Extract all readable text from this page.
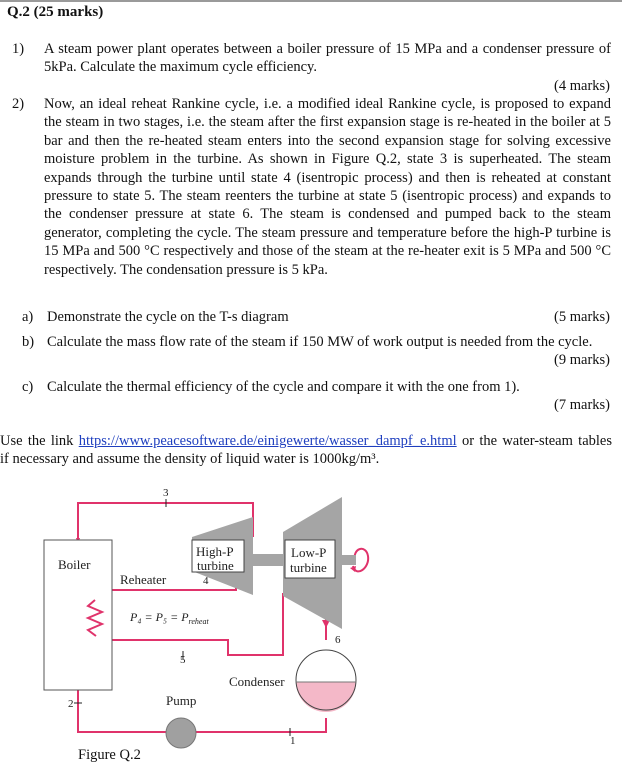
Q.2 (25 marks)
1) A steam power plant operates between a boiler pressure of 15 MPa and a condenser pressure of 5kPa. Calculate the maximum cycle efficiency.
(4 marks)
2) Now, an ideal reheat Rankine cycle, i.e. a modified ideal Rankine cycle, is proposed to expand the steam in two stages, i.e. the steam after the first expansion stage is re-heated in the boiler at 5 bar and then the re-heated steam enters into the second expansion stage for solving excessive moisture problem in the turbine. As shown in Figure Q.2, state 3 is superheated. The steam expands through the turbine until state 4 (isentropic process) and then is reheated at constant pressure to state 5. The steam reenters the turbine at state 5 (isentropic process) and expands to the condenser pressure at state 6. The steam is condensed and pumped back to the steam generator, completing the cycle. The steam pressure and temperature before the high-P turbine is 15 MPa and 500 °C respectively and those of the steam at the re-heater exit is 5 MPa and 500 °C respectively. The condensation pressure is 5 kPa.
a) Demonstrate the cycle on the T-s diagram	(5 marks)
b) Calculate the mass flow rate of the steam if 150 MW of work output is needed from the cycle.
(9 marks)
c) Calculate the thermal efficiency of the cycle and compare it with the one from 1).
(7 marks)
Use the link https://www.peacesoftware.de/einigewerte/wasser_dampf_e.html or the water-steam tables if necessary and assume the density of liquid water is 1000kg/m³.
Boiler
High-P
turbine
Low-P
turbine
Condenser
Pump
Reheater
$P_4 = P_5 = P_{reheat}$
3
4
5
6
1
2
Figure Q.2
